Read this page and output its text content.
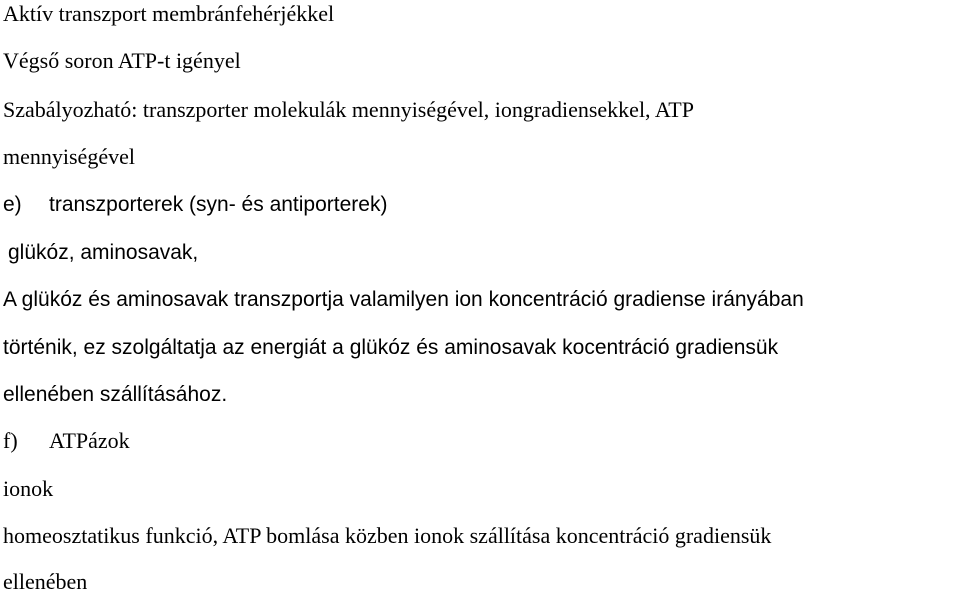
Aktív transzport membránfehérjékkel
Végső soron ATP-t igényel
Szabályozható: transzporter molekulák mennyiségével, iongradiensekkel, ATP
mennyiségével
e) transzporterek (syn- és antiporterek)
glükóz, aminosavak,
A glükóz és aminosavak transzportja valamilyen ion koncentráció gradiense irányában
történik, ez szolgáltatja az energiát a glükóz és aminosavak kocentráció gradiensük
ellenében szállításához.
f) ATPázok
ionok
homeosztatikus funkció, ATP bomlása közben ionok szállítása koncentráció gradiensük
ellenében
